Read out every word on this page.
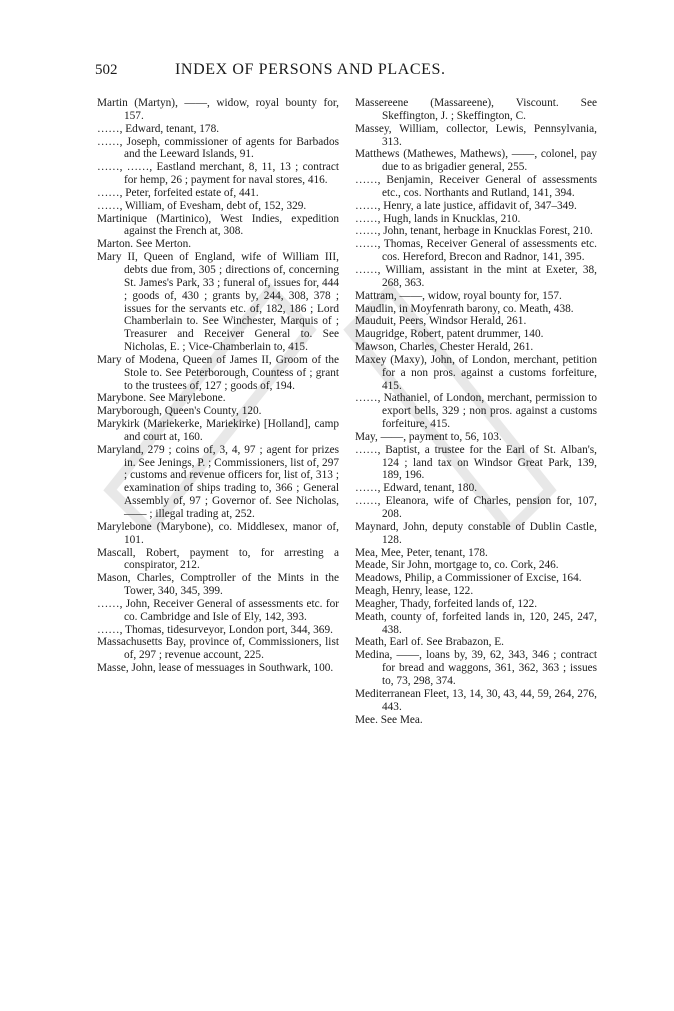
502	INDEX OF PERSONS AND PLACES.

Martin (Martyn), ——, widow, royal bounty for, 157.

……, Edward, tenant, 178.

……, Joseph, commissioner of agents for Barbados and the Leeward Islands, 91.

……, ……, Eastland merchant, 8, 11, 13 ; contract for hemp, 26 ; payment for naval stores, 416.

……, Peter, forfeited estate of, 441.

……, William, of Evesham, debt of, 152, 329.

Martinique (Martinico), West Indies, expedition against the French at, 308.

Marton. See Merton.

Mary II, Queen of England, wife of William III, debts due from, 305 ; directions of, concerning St. James's Park, 33 ; funeral of, issues for, 444 ; goods of, 430 ; grants by, 244, 308, 378 ; issues for the servants etc. of, 182, 186 ; Lord Chamberlain to. See Winchester, Marquis of ; Treasurer and Receiver General to. See Nicholas, E. ; Vice-Chamberlain to, 415.

Mary of Modena, Queen of James II, Groom of the Stole to. See Peterborough, Countess of ; grant to the trustees of, 127 ; goods of, 194.

Marybone. See Marylebone.

Maryborough, Queen's County, 120.

Marykirk (Mariekerke, Mariekirke) [Holland], camp and court at, 160.

Maryland, 279 ; coins of, 3, 4, 97 ; agent for prizes in. See Jenings, P. ; Commissioners, list of, 297 ; customs and revenue officers for, list of, 313 ; examination of ships trading to, 366 ; General Assembly of, 97 ; Governor of. See Nicholas, —— ; illegal trading at, 252.

Marylebone (Marybone), co. Middlesex, manor of, 101.

Mascall, Robert, payment to, for arresting a conspirator, 212.

Mason, Charles, Comptroller of the Mints in the Tower, 340, 345, 399.

……, John, Receiver General of assessments etc. for co. Cambridge and Isle of Ely, 142, 393.

……, Thomas, tidesurveyor, London port, 344, 369.

Massachusetts Bay, province of, Commissioners, list of, 297 ; revenue account, 225.

Masse, John, lease of messuages in Southwark, 100.

Massereene (Massareene), Viscount. See Skeffington, J. ; Skeffington, C.

Massey, William, collector, Lewis, Pennsylvania, 313.

Matthews (Mathewes, Mathews), ——, colonel, pay due to as brigadier general, 255.

……, Benjamin, Receiver General of assessments etc., cos. Northants and Rutland, 141, 394.

……, Henry, a late justice, affidavit of, 347–349.

……, Hugh, lands in Knucklas, 210.

……, John, tenant, herbage in Knucklas Forest, 210.

……, Thomas, Receiver General of assessments etc. cos. Hereford, Brecon and Radnor, 141, 395.

……, William, assistant in the mint at Exeter, 38, 268, 363.

Mattram, ——, widow, royal bounty for, 157.

Maudlin, in Moyfenrath barony, co. Meath, 438.

Mauduit, Peers, Windsor Herald, 261.

Maugridge, Robert, patent drummer, 140.

Mawson, Charles, Chester Herald, 261.

Maxey (Maxy), John, of London, merchant, petition for a non pros. against a customs forfeiture, 415.

……, Nathaniel, of London, merchant, permission to export bells, 329 ; non pros. against a customs forfeiture, 415.

May, ——, payment to, 56, 103.

……, Baptist, a trustee for the Earl of St. Alban's, 124 ; land tax on Windsor Great Park, 139, 189, 196.

……, Edward, tenant, 180.

……, Eleanora, wife of Charles, pension for, 107, 208.

Maynard, John, deputy constable of Dublin Castle, 128.

Mea, Mee, Peter, tenant, 178.

Meade, Sir John, mortgage to, co. Cork, 246.

Meadows, Philip, a Commissioner of Excise, 164.

Meagh, Henry, lease, 122.

Meagher, Thady, forfeited lands of, 122.

Meath, county of, forfeited lands in, 120, 245, 247, 438.

Meath, Earl of. See Brabazon, E.

Medina, ——, loans by, 39, 62, 343, 346 ; contract for bread and waggons, 361, 362, 363 ; issues to, 73, 298, 374.

Mediterranean Fleet, 13, 14, 30, 43, 44, 59, 264, 276, 443.

Mee. See Mea.
